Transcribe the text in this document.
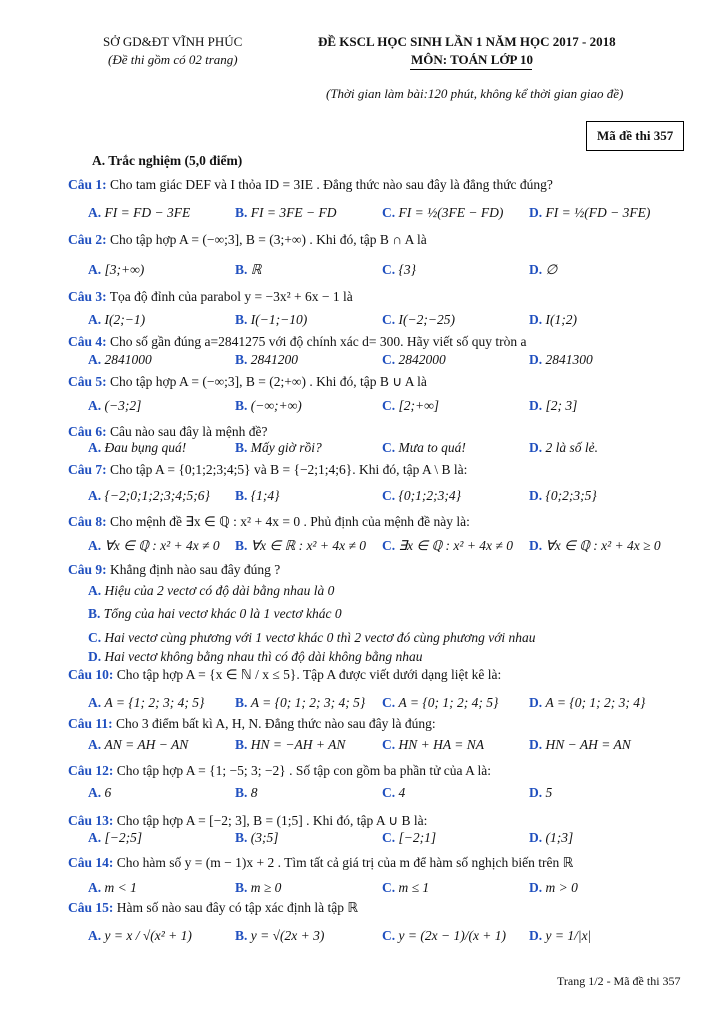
SỞ GD&ĐT VĨNH PHÚC
(Đề thi gồm có 02 trang)
ĐỀ KSCL HỌC SINH LẦN 1 NĂM HỌC 2017 - 2018
MÔN: TOÁN LỚP 10
(Thời gian làm bài:120 phút, không kể thời gian giao đề)
Mã đề thi 357
A. Trắc nghiệm (5,0 điểm)
Câu 1: Cho tam giác DEF và I thỏa ID = 3IE . Đẳng thức nào sau đây là đẳng thức đúng?
A. FI = FD − 3FE	B. FI = 3FE − FD	C. FI = ½(3FE − FD) D. FI = ½(FD − 3FE)
Câu 2: Cho tập hợp A = (−∞;3], B = (3;+∞) . Khi đó, tập B ∩ A là
A. [3;+∞)	B. ℝ	C. {3}	D. ∅
Câu 3: Tọa độ đỉnh của parabol y = −3x² + 6x − 1 là
A. I(2;−1)	B. I(−1;−10)	C. I(−2;−25)	D. I(1;2)
Câu 4: Cho số gần đúng a=2841275 với độ chính xác d= 300. Hãy viết số quy tròn a
A. 2841000	B. 2841200	C. 2842000	D. 2841300
Câu 5: Cho tập hợp A = (−∞;3], B = (2;+∞) . Khi đó, tập B ∪ A là
A. (−3;2]	B. (−∞;+∞)	C. [2;+∞]	D. [2; 3]
Câu 6: Câu nào sau đây là mệnh đề?
A. Đau bụng quá!	B. Mấy giờ rồi?	C. Mưa to quá!	D. 2 là số lẻ.
Câu 7: Cho tập A = {0;1;2;3;4;5} và B = {−2;1;4;6}. Khi đó, tập A \ B là:
A. {−2;0;1;2;3;4;5;6} B. {1;4}	C. {0;1;2;3;4}	D. {0;2;3;5}
Câu 8: Cho mệnh đề ∃x ∈ ℚ : x² + 4x = 0 . Phủ định của mệnh đề này là:
A. ∀x ∈ ℚ : x² + 4x ≠ 0 B. ∀x ∈ ℝ : x² + 4x ≠ 0 C. ∃x ∈ ℚ : x² + 4x ≠ 0 D. ∀x ∈ ℚ : x² + 4x ≥ 0
Câu 9: Khẳng định nào sau đây đúng ?
A. Hiệu của 2 vectơ có độ dài bằng nhau là 0
B. Tổng của hai vectơ khác 0 là 1 vectơ khác 0
C. Hai vectơ cùng phương với 1 vectơ khác 0 thì 2 vectơ đó cùng phương với nhau
D. Hai vectơ không bằng nhau thì có độ dài không bằng nhau
Câu 10: Cho tập hợp A = {x ∈ ℕ / x ≤ 5}. Tập A được viết dưới dạng liệt kê là:
A. A = {1; 2; 3; 4; 5} B. A = {0; 1; 2; 3; 4; 5} C. A = {0; 1; 2; 4; 5} D. A = {0; 1; 2; 3; 4}
Câu 11: Cho 3 điểm bất kì A, H, N. Đẳng thức nào sau đây là đúng:
A. AN = AH − AN	B. HN = −AH + AN	C. HN + HA = NA	D. HN − AH = AN
Câu 12: Cho tập hợp A = {1; −5; 3; −2} . Số tập con gồm ba phần tử của A là:
A. 6	B. 8	C. 4	D. 5
Câu 13: Cho tập hợp A = [−2; 3], B = (1;5] . Khi đó, tập A ∪ B là:
A. [−2;5]	B. (3;5]	C. [−2;1]	D. (1;3]
Câu 14: Cho hàm số y = (m − 1)x + 2 . Tìm tất cả giá trị của m để hàm số nghịch biến trên ℝ
A. m < 1	B. m ≥ 0	C. m ≤ 1	D. m > 0
Câu 15: Hàm số nào sau đây có tập xác định là tập ℝ
A. y = x / √(x² + 1)	B. y = √(2x + 3)	C. y = (2x − 1)/(x + 1) D. y = 1/|x|
Trang 1/2 - Mã đề thi 357
